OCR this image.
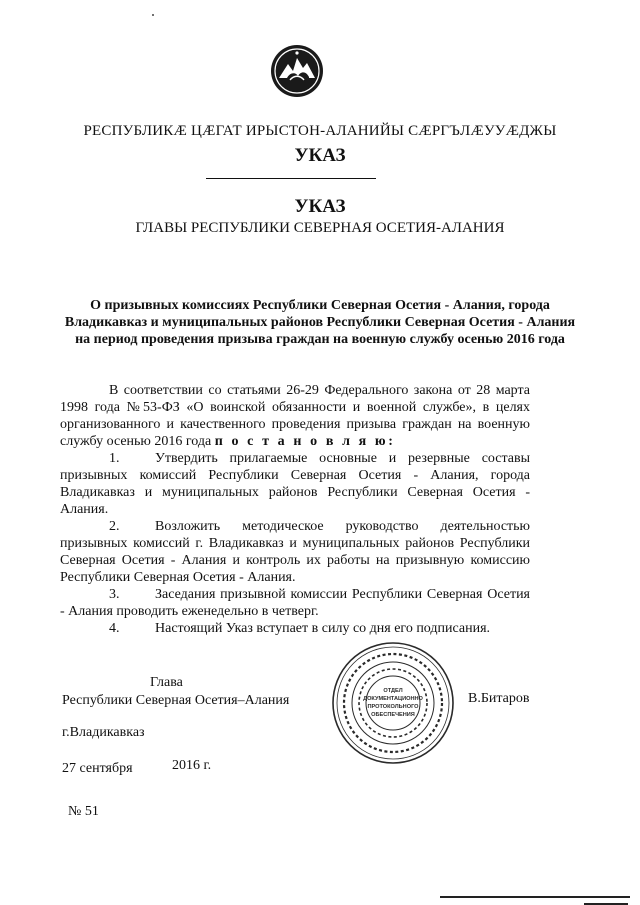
РЕСПУБЛИКÆ ЦÆГАТ ИРЫСТОН-АЛАНИЙЫ СÆРГЪЛÆУУÆДЖЫ
УКАЗ
УКАЗ
ГЛАВЫ РЕСПУБЛИКИ СЕВЕРНАЯ ОСЕТИЯ-АЛАНИЯ
О призывных комиссиях Республики Северная Осетия - Алания, города Владикавказ и муниципальных районов Республики Северная Осетия - Алания на период проведения призыва граждан на военную службу осенью 2016 года

В соответствии со статьями 26-29 Федерального закона от 28 марта 1998 года №53-ФЗ «О воинской обязанности и военной службе», в целях организованного и качественного проведения призыва граждан на военную службу осенью 2016 года п о с т а н о в л я ю:

1.	Утвердить прилагаемые основные и резервные составы призывных комиссий Республики Северная Осетия - Алания, города Владикавказ и муниципальных районов Республики Северная Осетия - Алания.

2.	Возложить методическое руководство деятельностью призывных комиссий г. Владикавказ и муниципальных районов Республики Северная Осетия - Алания и контроль их работы на призывную комиссию Республики Северная Осетия - Алания.

3.	Заседания призывной комиссии Республики Северная Осетия - Алания проводить еженедельно в четверг.

4.	Настоящий Указ вступает в силу со дня его подписания.

ОТДЕЛ
ДОКУМЕНТАЦИОННО
ПРОТОКОЛЬНОГО
ОБЕСПЕЧЕНИЯ
Глава
Республики Северная Осетия–Алания	В.Битаров
г.Владикавказ
27 сентября	2016 г.
№ 51
